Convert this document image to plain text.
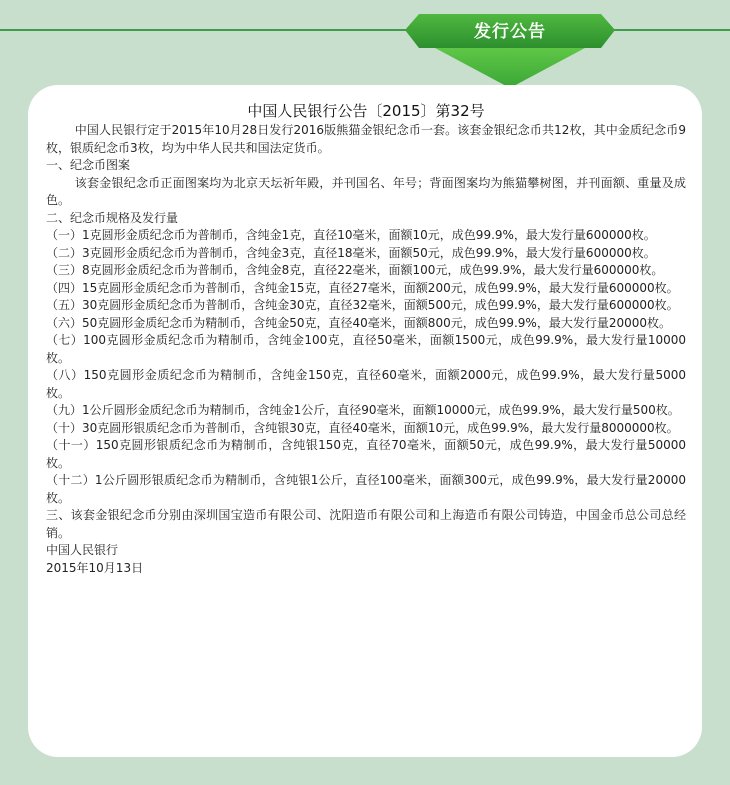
发行公告
中国人民银行公告〔2015〕第32号

中国人民银行定于2015年10月28日发行2016版熊猫金银纪念币一套。该套金银纪念币共12枚，其中金质纪念币9枚，银质纪念币3枚，均为中华人民共和国法定货币。

一、纪念币图案

该套金银纪念币正面图案均为北京天坛祈年殿，并刊国名、年号；背面图案均为熊猫攀树图，并刊面额、重量及成色。

二、纪念币规格及发行量

（一）1克圆形金质纪念币为普制币，含纯金1克，直径10毫米，面额10元，成色99.9%，最大发行量600000枚。

（二）3克圆形金质纪念币为普制币，含纯金3克，直径18毫米，面额50元，成色99.9%，最大发行量600000枚。

（三）8克圆形金质纪念币为普制币，含纯金8克，直径22毫米，面额100元，成色99.9%，最大发行量600000枚。

（四）15克圆形金质纪念币为普制币，含纯金15克，直径27毫米，面额200元，成色99.9%，最大发行量600000枚。

（五）30克圆形金质纪念币为普制币，含纯金30克，直径32毫米，面额500元，成色99.9%，最大发行量600000枚。

（六）50克圆形金质纪念币为精制币，含纯金50克，直径40毫米，面额800元，成色99.9%，最大发行量20000枚。

（七）100克圆形金质纪念币为精制币，含纯金100克，直径50毫米，面额1500元，成色99.9%，最大发行量10000枚。

（八）150克圆形金质纪念币为精制币，含纯金150克，直径60毫米，面额2000元，成色99.9%，最大发行量5000枚。

（九）1公斤圆形金质纪念币为精制币，含纯金1公斤，直径90毫米，面额10000元，成色99.9%，最大发行量500枚。

（十）30克圆形银质纪念币为普制币，含纯银30克，直径40毫米，面额10元，成色99.9%，最大发行量8000000枚。

（十一）150克圆形银质纪念币为精制币，含纯银150克，直径70毫米，面额50元，成色99.9%，最大发行量50000枚。

（十二）1公斤圆形银质纪念币为精制币，含纯银1公斤，直径100毫米，面额300元，成色99.9%，最大发行量20000枚。

三、该套金银纪念币分别由深圳国宝造币有限公司、沈阳造币有限公司和上海造币有限公司铸造，中国金币总公司总经销。

中国人民银行

2015年10月13日
